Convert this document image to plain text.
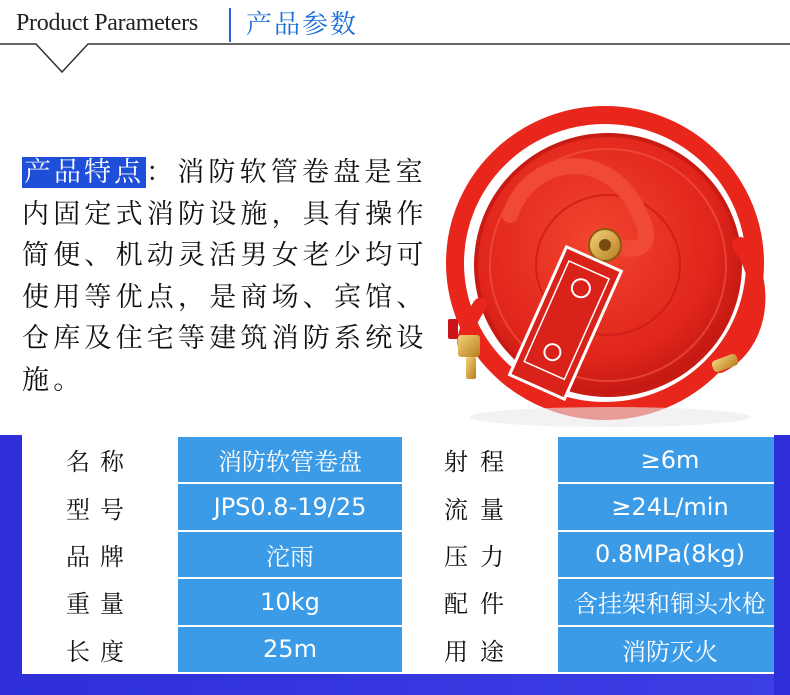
Product Parameters 产品参数
产品特点：消防软管卷盘是室内固定式消防设施，具有操作简便、机动灵活男女老少均可使用等优点，是商场、宾馆、仓库及住宅等建筑消防系统设施。
名称	消防软管卷盘	射程	≥6m
型号	JPS0.8-19/25	流量	≥24L/min
品牌	沱雨	压力	0.8MPa(8kg)
重量	10kg	配件	含挂架和铜头水枪
长度	25m	用途	消防灭火
